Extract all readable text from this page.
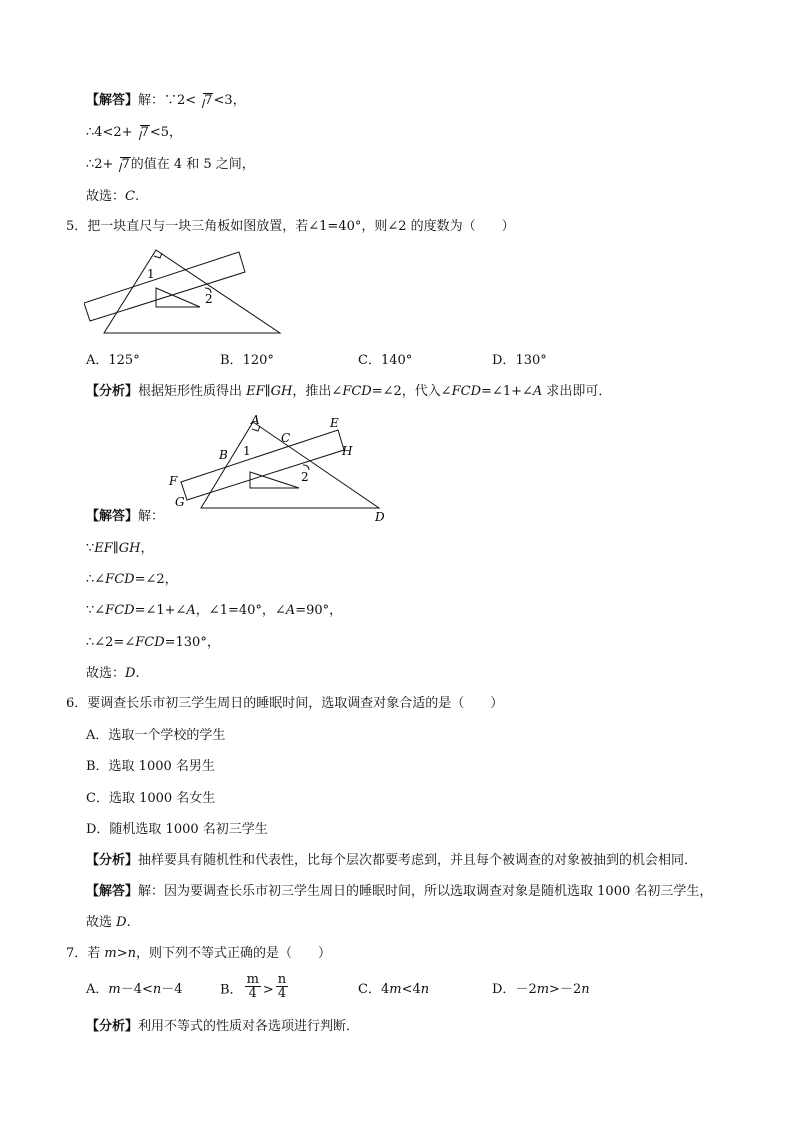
【解答】解：∵2< 7<3，
∴4<2+ 7<5，
∴2+ 7的值在 4 和 5 之间，
故选：C.
5．把一块直尺与一块三角板如图放置，若∠1=40°，则∠2 的度数为（　　）
1
2
A．125°	B．120°	C．140°	D．130°
【分析】根据矩形性质得出 EF∥GH，推出∠FCD=∠2，代入∠FCD=∠1+∠A 求出即可．
A
B
C
D
E
F
G
H
1
2
【解答】解：
∵EF∥GH，
∴∠FCD=∠2，
∵∠FCD=∠1+∠A，∠1=40°，∠A=90°，
∴∠2=∠FCD=130°，
故选：D.
6．要调查长乐市初三学生周日的睡眠时间，选取调查对象合适的是（　　）
A．选取一个学校的学生
B．选取 1000 名男生
C．选取 1000 名女生
D．随机选取 1000 名初三学生
【分析】抽样要具有随机性和代表性，比每个层次都要考虑到，并且每个被调查的对象被抽到的机会相同．
【解答】解：因为要调查长乐市初三学生周日的睡眠时间，所以选取调查对象是随机选取 1000 名初三学生，
故选 D.
7．若 m>n，则下列不等式正确的是（　　）
A．m－4<n－4	B． $\frac{m}{4} > \frac{n}{4}$	C．4m<4n	D．－2m>－2n
【分析】利用不等式的性质对各选项进行判断．
